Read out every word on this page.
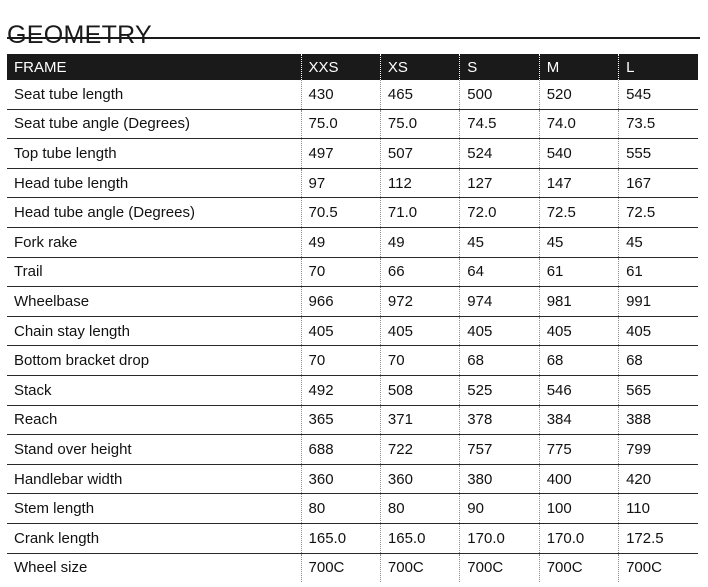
GEOMETRY
FRAME	XXS	XS	S	M	L
Seat tube length	430	465	500	520	545
Seat tube angle (Degrees)	75.0	75.0	74.5	74.0	73.5
Top tube length	497	507	524	540	555
Head tube length	97	112	127	147	167
Head tube angle (Degrees)	70.5	71.0	72.0	72.5	72.5
Fork rake	49	49	45	45	45
Trail	70	66	64	61	61
Wheelbase	966	972	974	981	991
Chain stay length	405	405	405	405	405
Bottom bracket drop	70	70	68	68	68
Stack	492	508	525	546	565
Reach	365	371	378	384	388
Stand over height	688	722	757	775	799
Handlebar width	360	360	380	400	420
Stem length	80	80	90	100	110
Crank length	165.0	165.0	170.0	170.0	172.5
Wheel size	700C	700C	700C	700C	700C
